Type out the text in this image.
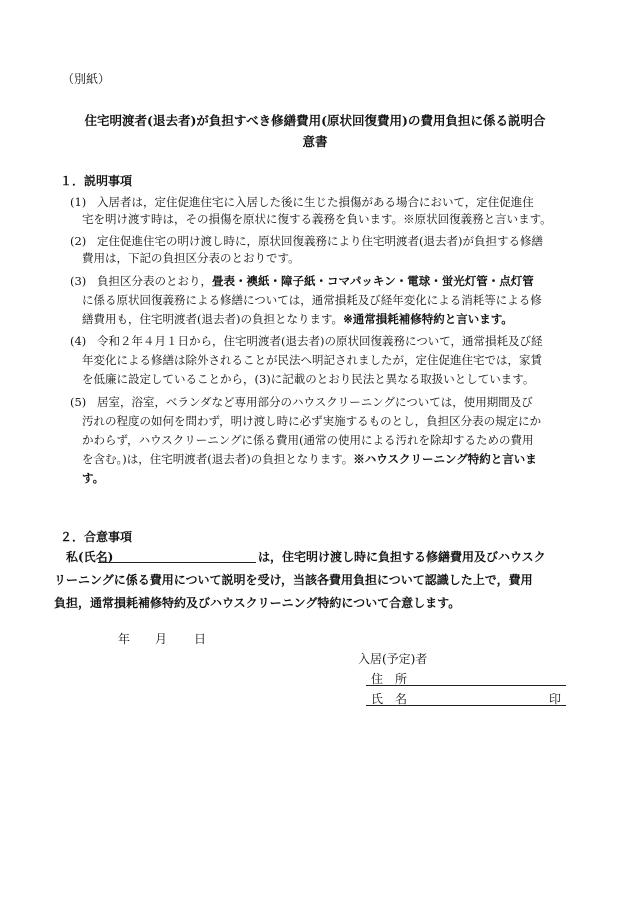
（別紙）
住宅明渡者(退去者)が負担すべき修繕費用(原状回復費用)の費用負担に係る説明合
意書
１．説明事項
(1) 入居者は，定住促進住宅に入居した後に生じた損傷がある場合において，定住促進住
宅を明け渡す時は，その損傷を原状に復する義務を負います。※原状回復義務と言います。
(2) 定住促進住宅の明け渡し時に，原状回復義務により住宅明渡者(退去者)が負担する修繕
費用は，下記の負担区分表のとおりです。
(3) 負担区分表のとおり，畳表・襖紙・障子紙・コマパッキン・電球・蛍光灯管・点灯管
に係る原状回復義務による修繕については，通常損耗及び経年変化による消耗等による修
繕費用も，住宅明渡者(退去者)の負担となります。※通常損耗補修特約と言います。
(4) 令和２年４月１日から，住宅明渡者(退去者)の原状回復義務について，通常損耗及び経
年変化による修繕は除外されることが民法へ明記されましたが，定住促進住宅では，家賃
を低廉に設定していることから，(3)に記載のとおり民法と異なる取扱いとしています。
(5) 居室，浴室，ベランダなど専用部分のハウスクリーニングについては，使用期間及び
汚れの程度の如何を問わず，明け渡し時に必ず実施するものとし，負担区分表の規定にか
かわらず，ハウスクリーニングに係る費用(通常の使用による汚れを除却するための費用
を含む。)は，住宅明渡者(退去者)の負担となります。※ハウスクリーニング特約と言いま
す。
２．合意事項
私(氏名)	は，住宅明け渡し時に負担する修繕費用及びハウスク
リーニングに係る費用について説明を受け，当該各費用負担について認識した上で，費用
負担，通常損耗補修特約及びハウスクリーニング特約について合意します。
年 月 日
入居(予定)者
住　所
氏　名	印
